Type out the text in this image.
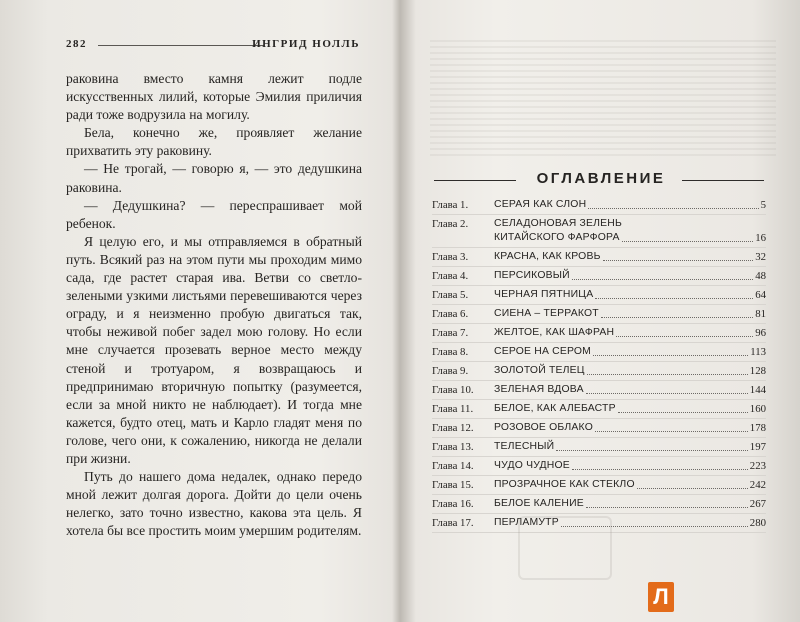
282	ИНГРИД НОЛЛЬ

раковина вместо камня лежит подле искусственных лилий, которые Эмилия приличия ради тоже водрузила на могилу.

Бела, конечно же, проявляет желание прихватить эту раковину.

— Не трогай, — говорю я, — это дедушкина раковина.

— Дедушкина? — переспрашивает мой ребенок.

Я целую его, и мы отправляемся в обратный путь. Всякий раз на этом пути мы проходим мимо сада, где растет старая ива. Ветви со светло-зелеными узкими листьями перевешиваются через ограду, и я неизменно пробую двигаться так, чтобы неживой побег задел мою голову. Но если мне случается прозевать верное место между стеной и тротуаром, я возвращаюсь и предпринимаю вторичную попытку (разумеется, если за мной никто не наблюдает). И тогда мне кажется, будто отец, мать и Карло гладят меня по голове, чего они, к сожалению, никогда не делали при жизни.

Путь до нашего дома недалек, однако передо мной лежит долгая дорога. Дойти до цели очень нелегко, зато точно известно, какова эта цель. Я хотела бы все простить моим умершим родителям.

ОГЛАВЛЕНИЕ
Глава 1.	СЕРАЯ КАК СЛОН	5
Глава 2.	СЕЛАДОНОВАЯ ЗЕЛЕНЬ
КИТАЙСКОГО ФАРФОРА	16
Глава 3.	КРАСНА, КАК КРОВЬ	32
Глава 4.	ПЕРСИКОВЫЙ	48
Глава 5.	ЧЕРНАЯ ПЯТНИЦА	64
Глава 6.	СИЕНА – ТЕРРАКОТ	81
Глава 7.	ЖЕЛТОЕ, КАК ШАФРАН	96
Глава 8.	СЕРОЕ НА СЕРОМ	113
Глава 9.	ЗОЛОТОЙ ТЕЛЕЦ	128
Глава 10.	ЗЕЛЕНАЯ ВДОВА	144
Глава 11.	БЕЛОЕ, КАК АЛЕБАСТР	160
Глава 12.	РОЗОВОЕ ОБЛАКО	178
Глава 13.	ТЕЛЕСНЫЙ	197
Глава 14.	ЧУДО ЧУДНОЕ	223
Глава 15.	ПРОЗРАЧНОЕ КАК СТЕКЛО	242
Глава 16.	БЕЛОЕ КАЛЕНИЕ	267
Глава 17.	ПЕРЛАМУТР	280
Л
